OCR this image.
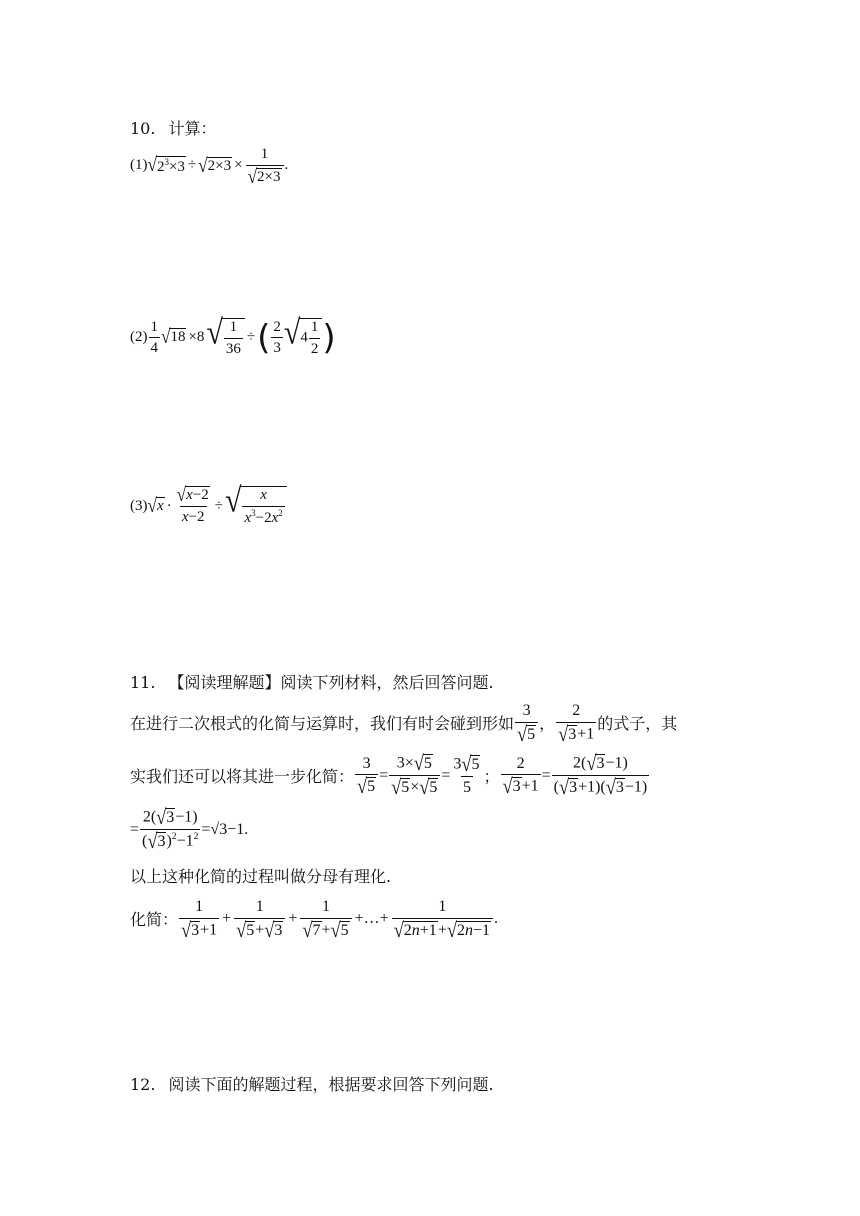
10. 计算：
(1) √ $2^3\times 3$ ÷ √ $2\times 3 \times \frac{1}{√ 2\times 3}$ .
$(2) \frac{1}{4}$ √ 18 ×8 √ $\frac{1}{36}$ ÷ ( $\frac{2}{3}$ √ $4 \frac{1}{2}$ )
(3) √ $x \cdot \frac{√ x-2}{x-2}$ ÷ √ $\frac{x}{x^3-2x^2}$
11. 【阅读理解题】阅读下列材料，然后回答问题.
在进行二次根式的化简与运算时，我们有时会碰到形如 $\frac{3}{√ 5}$ ， $\frac{2}{√ 3 +1}$ 的式子，其
实我们还可以将其进一步化简： $\frac{3}{√ 5} = \frac{3\times √ 5}{√ 5 \times √ 5} = \frac{3 √ 5}{5}$ ； $\frac{2}{√ 3 +1} = \frac{2( √ 3 -1)}{( √ 3 +1)( √ 3 -1)}$
= $\frac{2( √ 3 -1)}{( √ 3 )^2-1^2} =√3-1$.
以上这种化简的过程叫做分母有理化.
化简： $\frac{1}{√ 3 +1} + \frac{1}{√ 5 + √ 3} + \frac{1}{√ 7 + √ 5}$ +…+ $\frac{1}{√ 2n+1 + √ 2n-1}$ .
12. 阅读下面的解题过程，根据要求回答下列问题.
